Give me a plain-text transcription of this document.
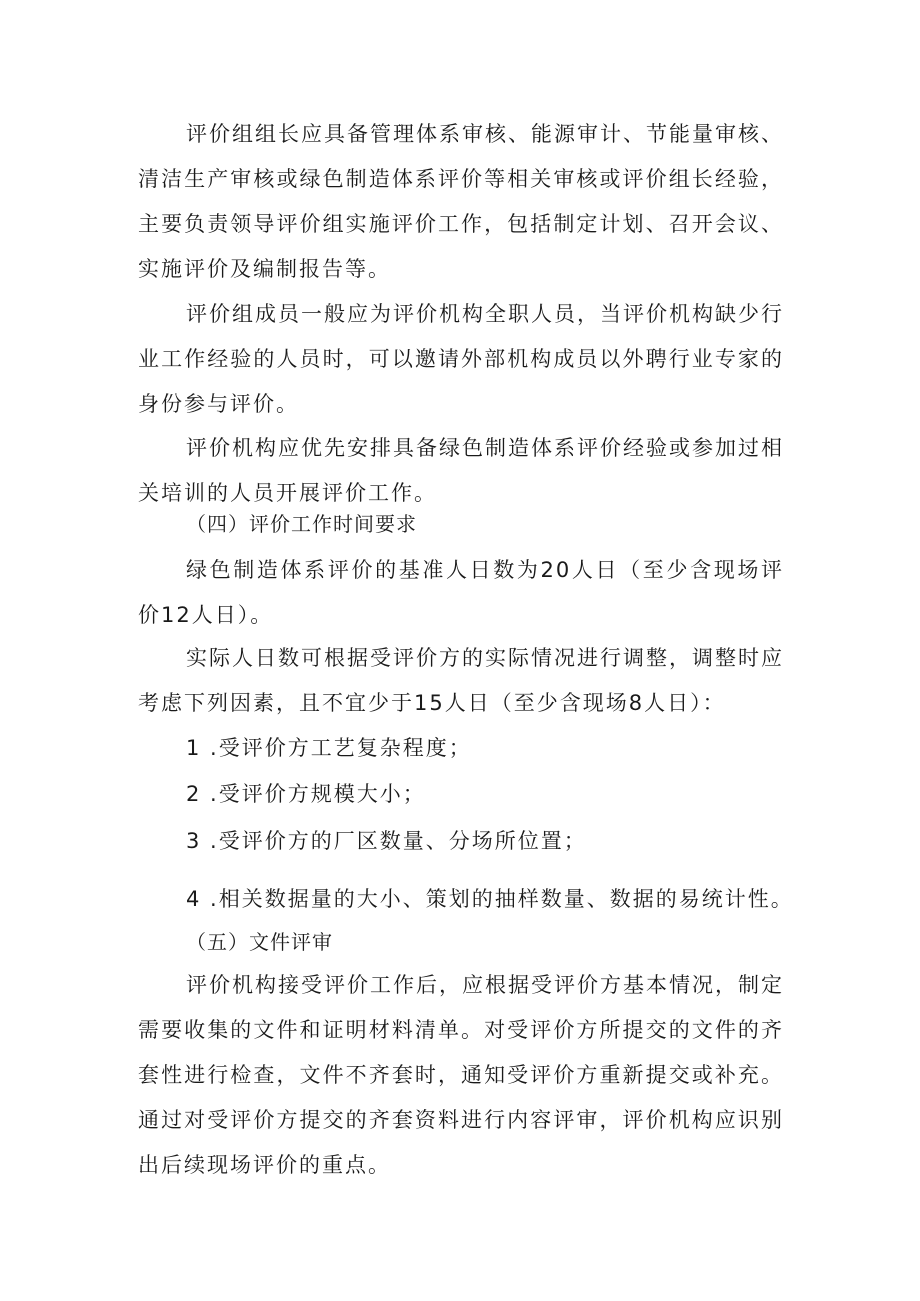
评价组组长应具备管理体系审核、能源审计、节能量审核、清洁生产审核或绿色制造体系评价等相关审核或评价组长经验，主要负责领导评价组实施评价工作，包括制定计划、召开会议、实施评价及编制报告等。

评价组成员一般应为评价机构全职人员，当评价机构缺少行业工作经验的人员时，可以邀请外部机构成员以外聘行业专家的身份参与评价。

评价机构应优先安排具备绿色制造体系评价经验或参加过相关培训的人员开展评价工作。

（四）评价工作时间要求

绿色制造体系评价的基准人日数为20人日（至少含现场评价12人日）。

实际人日数可根据受评价方的实际情况进行调整，调整时应考虑下列因素，且不宜少于15人日（至少含现场8人日）：

1 .受评价方工艺复杂程度；

2 .受评价方规模大小；

3 .受评价方的厂区数量、分场所位置；

4 .相关数据量的大小、策划的抽样数量、数据的易统计性。

（五）文件评审

评价机构接受评价工作后，应根据受评价方基本情况，制定需要收集的文件和证明材料清单。对受评价方所提交的文件的齐套性进行检查，文件不齐套时，通知受评价方重新提交或补充。通过对受评价方提交的齐套资料进行内容评审，评价机构应识别出后续现场评价的重点。
